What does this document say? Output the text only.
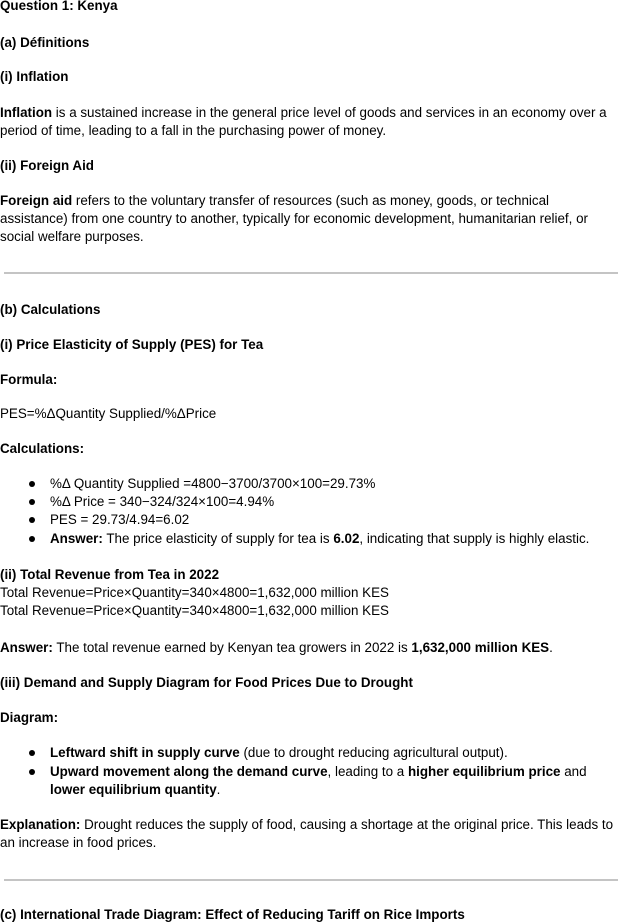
Question 1: Kenya
(a) Définitions
(i) Inflation
Inflation is a sustained increase in the general price level of goods and services in an economy over a period of time, leading to a fall in the purchasing power of money.
(ii) Foreign Aid
Foreign aid refers to the voluntary transfer of resources (such as money, goods, or technical assistance) from one country to another, typically for economic development, humanitarian relief, or social welfare purposes.
(b) Calculations
(i) Price Elasticity of Supply (PES) for Tea
Formula:
PES=%ΔQuantity Supplied/%ΔPrice
Calculations:
%Δ Quantity Supplied =4800−3700/3700×100=29.73%
%Δ Price = 340−324/324×100=4.94%
PES = 29.73/4.94=6.02
Answer: The price elasticity of supply for tea is 6.02, indicating that supply is highly elastic.
(ii) Total Revenue from Tea in 2022
Total Revenue=Price×Quantity=340×4800=1,632,000 million KES
Total Revenue=Price×Quantity=340×4800=1,632,000 million KES
Answer: The total revenue earned by Kenyan tea growers in 2022 is 1,632,000 million KES.
(iii) Demand and Supply Diagram for Food Prices Due to Drought
Diagram:
Leftward shift in supply curve (due to drought reducing agricultural output).
Upward movement along the demand curve, leading to a higher equilibrium price and lower equilibrium quantity.
Explanation: Drought reduces the supply of food, causing a shortage at the original price. This leads to an increase in food prices.
(c) International Trade Diagram: Effect of Reducing Tariff on Rice Imports
